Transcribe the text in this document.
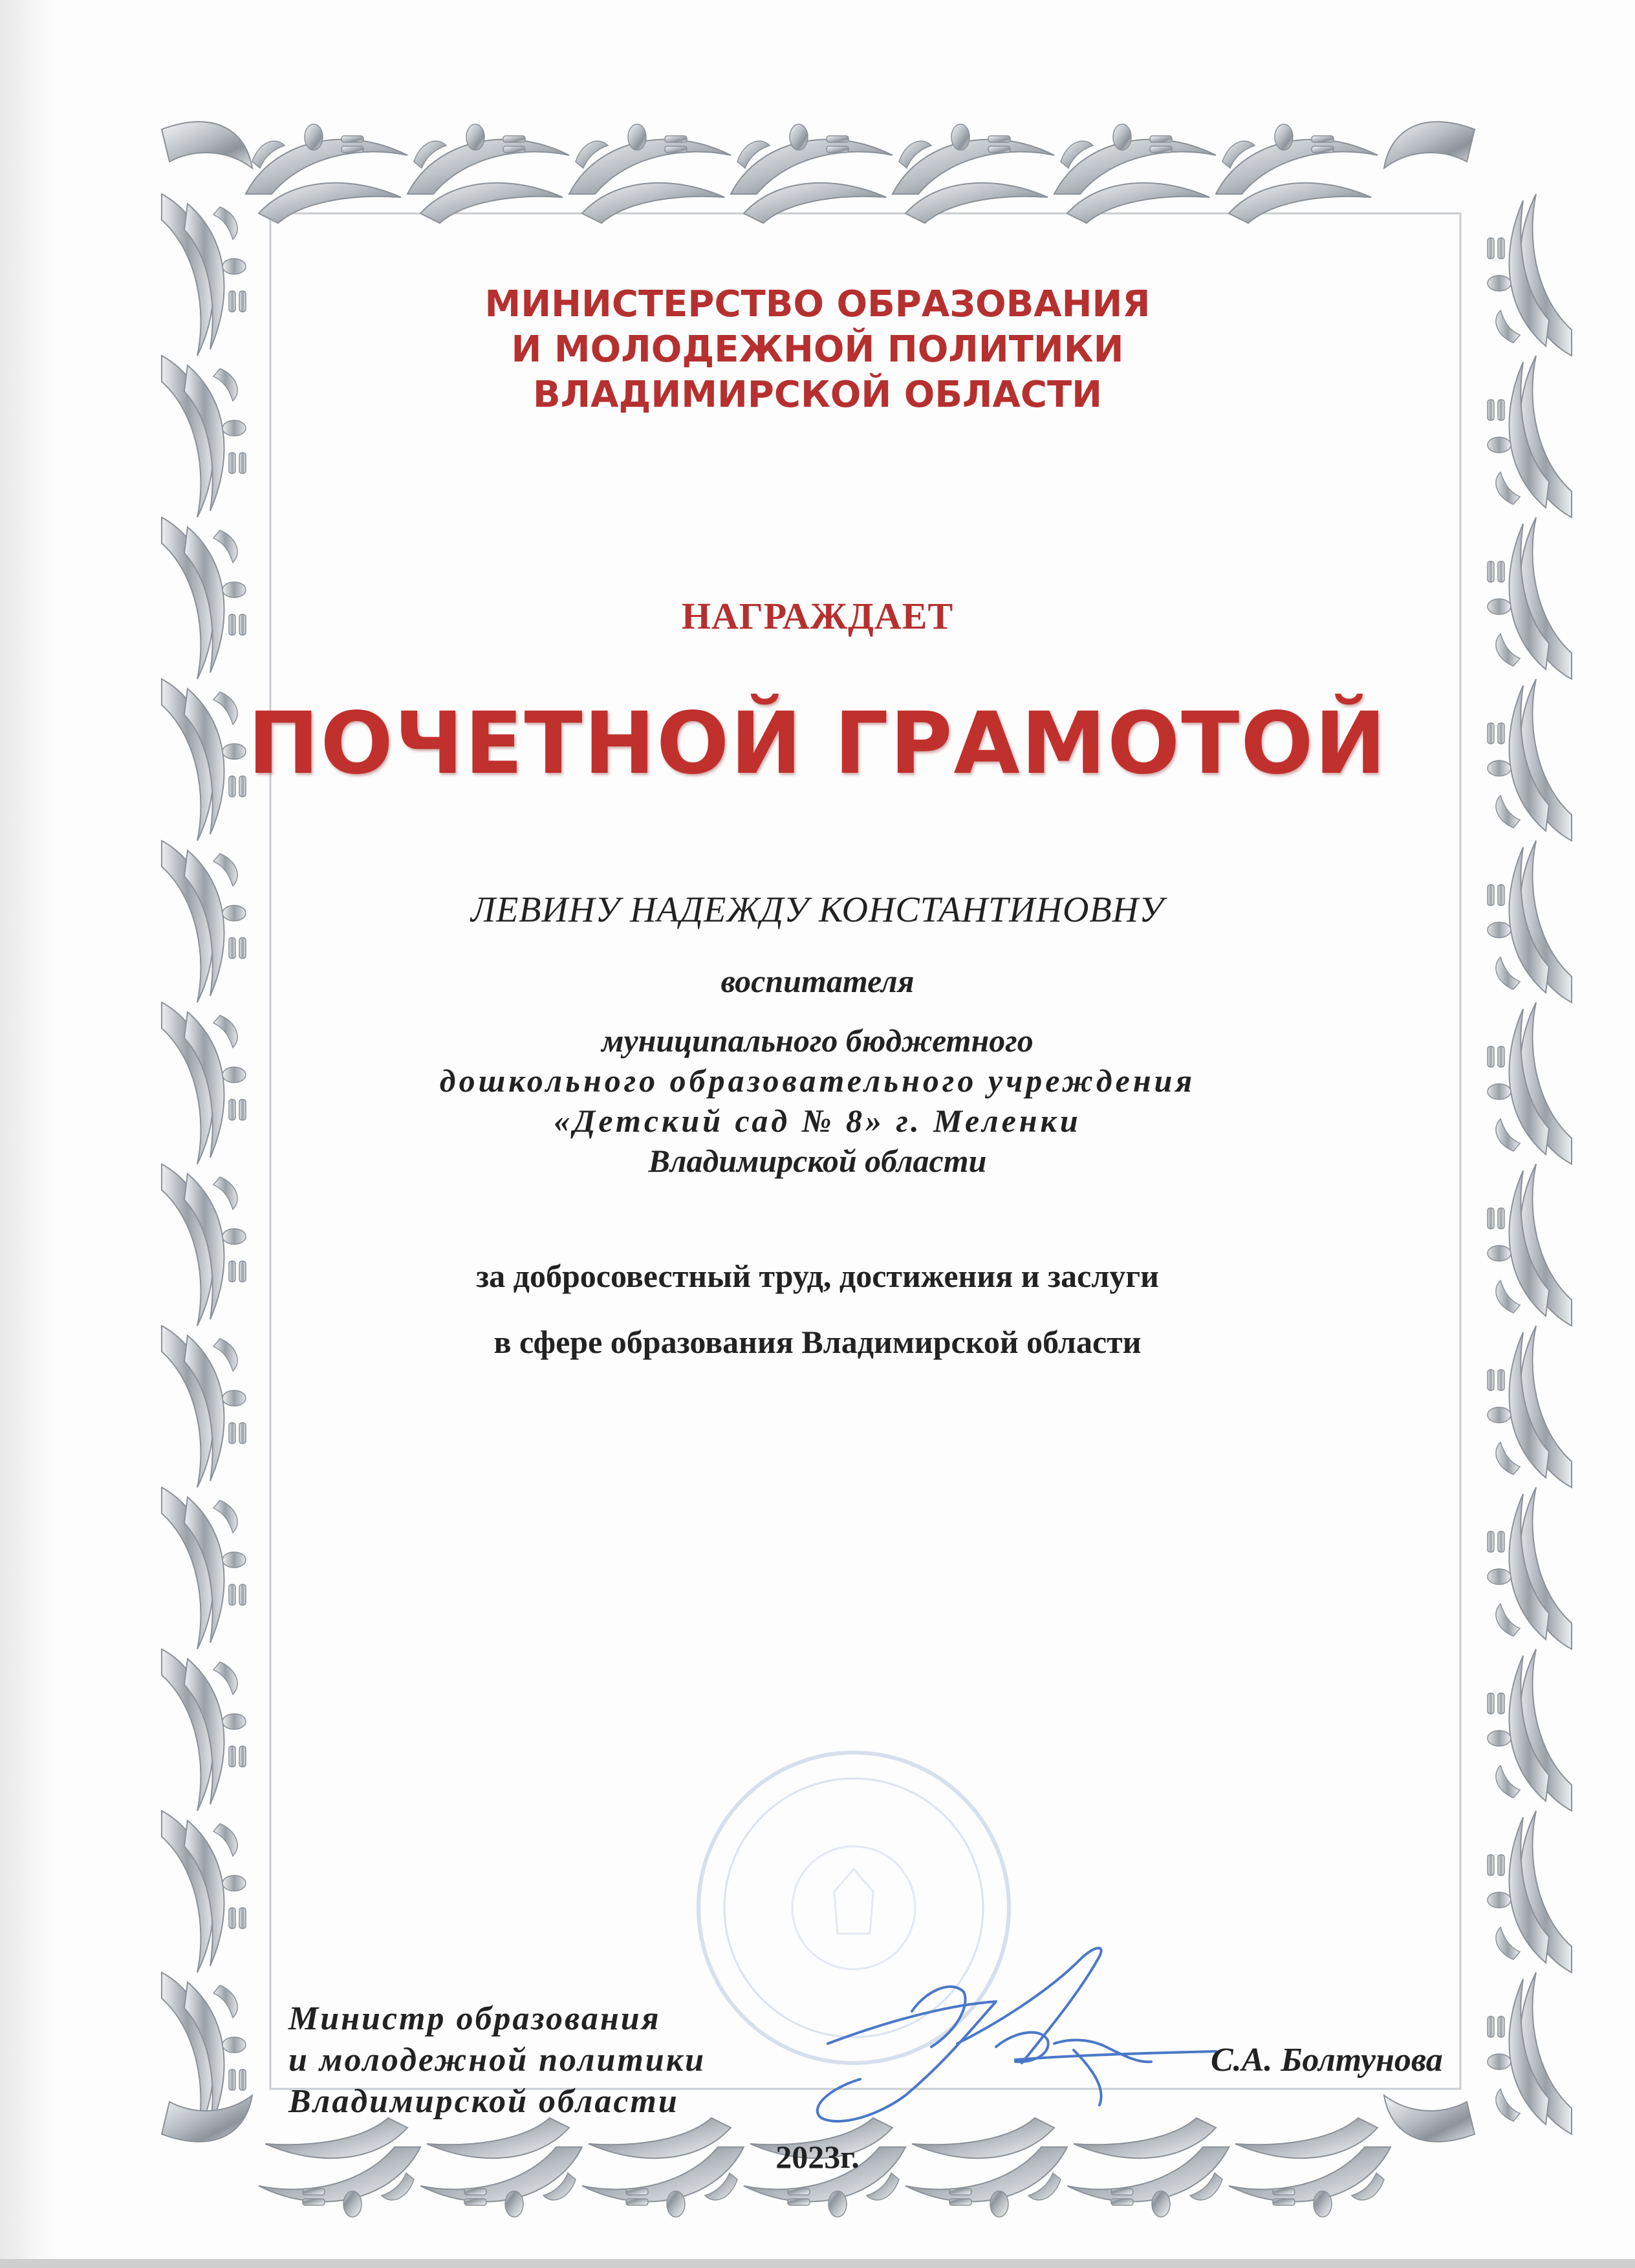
МИНИСТЕРСТВО ОБРАЗОВАНИЯ
И МОЛОДЕЖНОЙ ПОЛИТИКИ
ВЛАДИМИРСКОЙ ОБЛАСТИ
НАГРАЖДАЕТ
ПОЧЕТНОЙ ГРАМОТОЙ
ЛЕВИНУ НАДЕЖДУ КОНСТАНТИНОВНУ
воспитателя
муниципального бюджетного
дошкольного образовательного учреждения
«Детский сад № 8» г. Меленки
Владимирской области
за добросовестный труд, достижения и заслуги
в сфере образования Владимирской области
Министр образования
и молодежной политики
Владимирской области
С.А. Болтунова
2023г.
